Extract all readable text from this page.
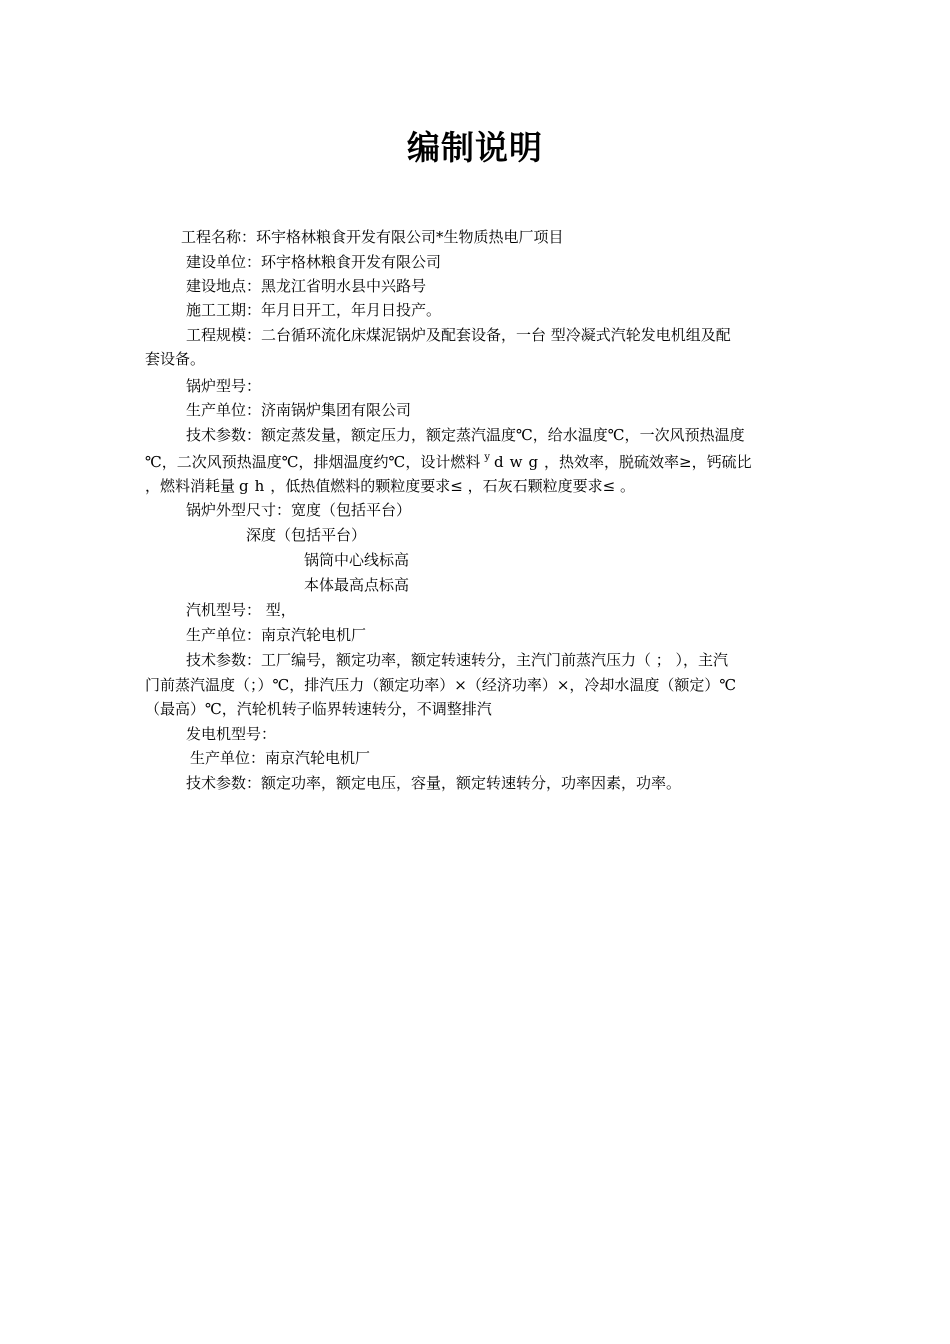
编制说明

工程名称：环宇格林粮食开发有限公司*生物质热电厂项目

建设单位：环宇格林粮食开发有限公司

建设地点：黑龙江省明水县中兴路号

施工工期：年月日开工，年月日投产。

工程规模：二台循环流化床煤泥锅炉及配套设备，一台 型冷凝式汽轮发电机组及配

套设备。

锅炉型号：

生产单位：济南锅炉集团有限公司

技术参数：额定蒸发量，额定压力，额定蒸汽温度℃，给水温度℃，一次风预热温度

℃，二次风预热温度℃，排烟温度约℃，设计燃料 $^y$ dwg，热效率，脱硫效率≥，钙硫比

，燃料消耗量 gh，低热值燃料的颗粒度要求≤ ，石灰石颗粒度要求≤ 。

锅炉外型尺寸：宽度（包括平台）

深度（包括平台）

锅筒中心线标高

本体最高点标高

汽机型号： 型，

生产单位：南京汽轮电机厂

技术参数：工厂编号，额定功率，额定转速转分，主汽门前蒸汽压力（ ； ），主汽

门前蒸汽温度（；）℃，排汽压力（额定功率）×（经济功率）×，冷却水温度（额定）℃

（最高）℃，汽轮机转子临界转速转分，不调整排汽

发电机型号：

生产单位：南京汽轮电机厂

技术参数：额定功率，额定电压，容量，额定转速转分，功率因素，功率。
